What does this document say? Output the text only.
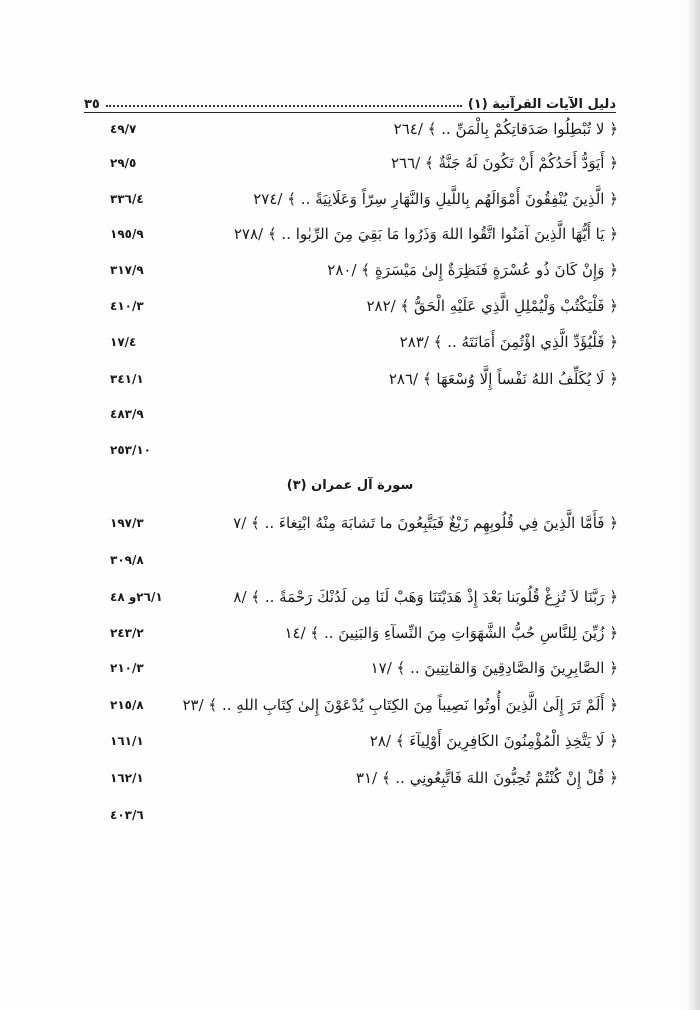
دليل الآيات القرآنية (١)
٣٥
﴿ لا تُبْطِلُوا صَدَقاتِكُمْ بِالْمَنِّ .. ﴾ /٢٦٤
٤٩/٧
﴿ أَيَوَدُّ أَحَدُكُمْ أَنْ تَكُونَ لَهُ جَنَّةٌ ﴾ /٢٦٦
٢٩/٥
﴿ الَّذِينَ يُنْفِقُونَ أَمْوَالَهُم بِاللَّيلِ وَالنَّهَارِ سِرّاً وَعَلَانِيَةً .. ﴾ /٢٧٤
٣٣٦/٤
﴿ يَا أَيُّهَا الَّذِينَ آمَنُوا اتَّقُوا اللهَ وَذَرُوا مَا بَقِيَ مِنَ الرِّبٰوا .. ﴾ /٢٧٨
١٩٥/٩
﴿ وَإِنْ كَانَ ذُو عُسْرَةٍ فَنَظِرَةٌ إِلىٰ مَيْسَرَةٍ ﴾ /٢٨٠
٣١٧/٩
﴿ فَلْيَكْتُبْ وَلْيُمْلِلِ الَّذِي عَلَيْهِ الْحَقُّ ﴾ /٢٨٢
٤١٠/٣
﴿ فَلْيُؤَدِّ الَّذِي اؤْتُمِنَ أَمَانَتَهُ .. ﴾ /٢٨٣
١٧/٤
﴿ لَا يُكَلِّفُ اللهُ نَفْساً إِلَّا وُسْعَهَا ﴾ /٢٨٦
٣٤١/١
٤٨٣/٩
٢٥٣/١٠
سورة آل عمران (٣)
﴿ فَأَمَّا الَّذِينَ فِي قُلُوبِهِم زَيْغٌ فَيَتَّبِعُونَ ما تَشابَهَ مِنْهُ ابْتِغاءَ .. ﴾ /٧
١٩٧/٣
٣٠٩/٨
﴿ رَبَّنَا لاَ تُزِغْ قُلُوبَنا بَعْدَ إِذْ هَدَيْتَنَا وَهَبْ لَنَا مِن لَدُنْكَ رَحْمَةً .. ﴾ /٨
٢٦/١و ٤٨
﴿ زُيِّنَ لِلنَّاسِ حُبُّ الشَّهَوَاتِ مِنَ النِّسآءِ وَالبَنِينَ .. ﴾ /١٤
٢٤٣/٢
﴿ الصَّابِرِينَ وَالصَّادِقِينَ وَالقانِتِينَ .. ﴾ /١٧
٢١٠/٣
﴿ أَلَمْ تَرَ إِلَىٰ الَّذِينَ أُوتُوا نَصِيباً مِنَ الكِتَابِ يُدْعَوْنَ إِلىٰ كِتَابِ اللهِ .. ﴾ /٢٣
٢١٥/٨
﴿ لَا يَتَّخِذِ الْمُؤْمِنُونَ الكَافِرِينَ أَوْلِيآءَ ﴾ /٢٨
١٦١/١
﴿ قُلْ إِنْ كُنْتُمْ تُحِبُّونَ اللهَ فَاتَّبِعُونِي .. ﴾ /٣١
١٦٢/١
٤٠٣/٦
